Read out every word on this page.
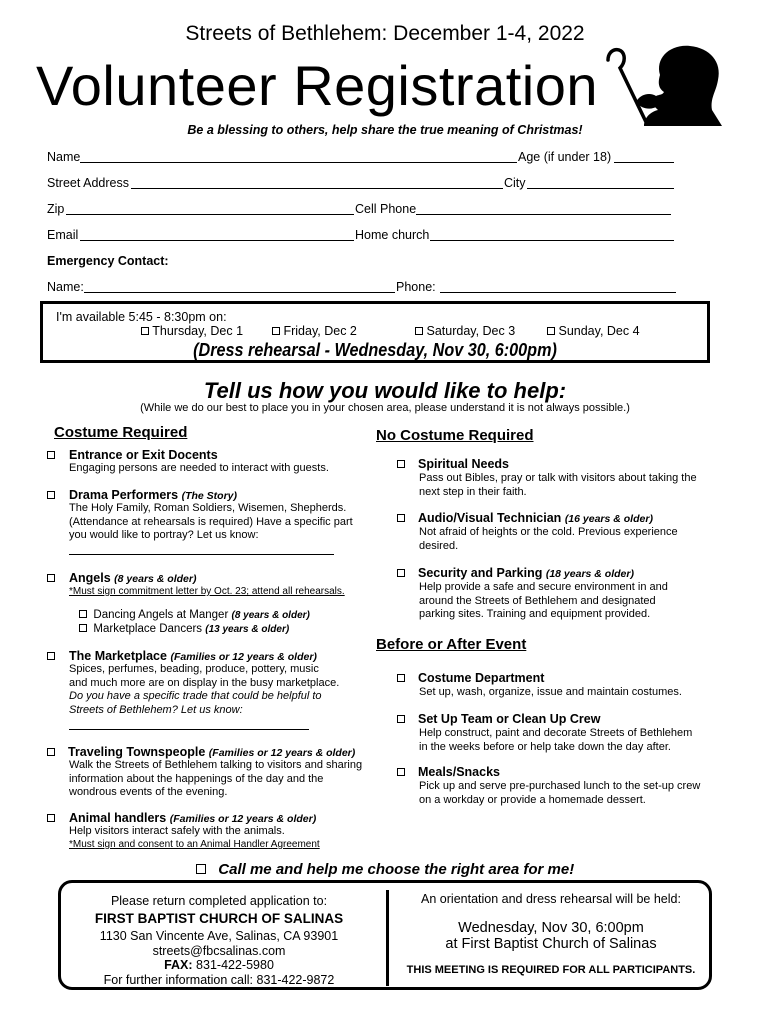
Streets of Bethlehem: December 1-4, 2022
Volunteer Registration
Be a blessing to others, help share the true meaning of Christmas!
Name	Age (if under 18)
Street Address	City
Zip	Cell Phone
Email	Home church
Emergency Contact:
Name:	Phone:
I'm available 5:45 - 8:30pm on:
Thursday, Dec 1	Friday, Dec 2	Saturday, Dec 3	Sunday, Dec 4
(Dress rehearsal - Wednesday, Nov 30, 6:00pm)
Tell us how you would like to help:
(While we do our best to place you in your chosen area, please understand it is not always possible.)
Costume Required
Entrance or Exit Docents
Engaging persons are needed to interact with guests.
Drama Performers (The Story)
The Holy Family, Roman Soldiers, Wisemen, Shepherds.
(Attendance at rehearsals is required) Have a specific part
you would like to portray? Let us know:
Angels (8 years & older)
*Must sign commitment letter by Oct. 23; attend all rehearsals.
Dancing Angels at Manger (8 years & older)
Marketplace Dancers (13 years & older)
The Marketplace (Families or 12 years & older)
Spices, perfumes, beading, produce, pottery, music
and much more are on display in the busy marketplace.
Do you have a specific trade that could be helpful to
Streets of Bethlehem? Let us know:
Traveling Townspeople (Families or 12 years & older)
Walk the Streets of Bethlehem talking to visitors and sharing
information about the happenings of the day and the
wondrous events of the evening.
Animal handlers (Families or 12 years & older)
Help visitors interact safely with the animals.
*Must sign and consent to an Animal Handler Agreement
No Costume Required
Spiritual Needs
Pass out Bibles, pray or talk with visitors about taking the
next step in their faith.
Audio/Visual Technician (16 years & older)
Not afraid of heights or the cold. Previous experience
desired.
Security and Parking (18 years & older)
Help provide a safe and secure environment in and
around the Streets of Bethlehem and designated
parking sites. Training and equipment provided.
Before or After Event
Costume Department
Set up, wash, organize, issue and maintain costumes.
Set Up Team or Clean Up Crew
Help construct, paint and decorate Streets of Bethlehem
in the weeks before or help take down the day after.
Meals/Snacks
Pick up and serve pre-purchased lunch to the set-up crew
on a workday or provide a homemade dessert.
Call me and help me choose the right area for me!
Please return completed application to:
FIRST BAPTIST CHURCH OF SALINAS
1130 San Vincente Ave, Salinas, CA 93901
streets@fbcsalinas.com
FAX: 831-422-5980
For further information call: 831-422-9872
An orientation and dress rehearsal will be held:
Wednesday, Nov 30, 6:00pm
at First Baptist Church of Salinas
THIS MEETING IS REQUIRED FOR ALL PARTICIPANTS.
